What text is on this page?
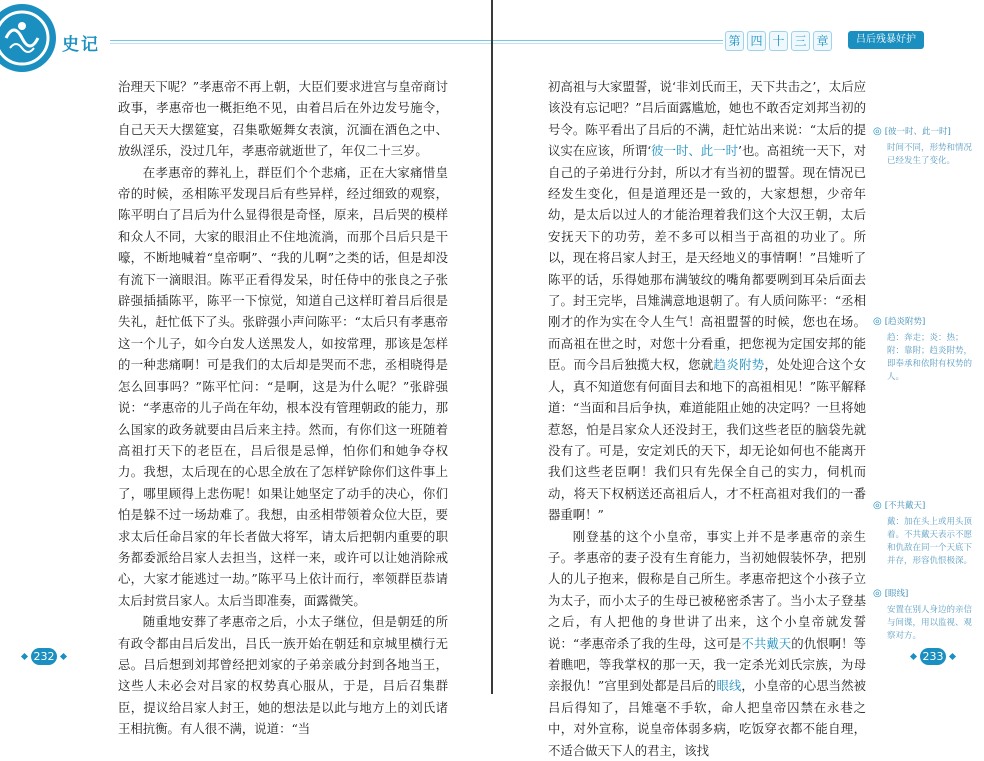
史记

治理天下呢？”孝惠帝不再上朝，大臣们要求进宫与皇帝商讨政事，孝惠帝也一概拒绝不见，由着吕后在外边发号施令，自己天天大摆筵宴，召集歌姬舞女表演，沉湎在酒色之中、放纵淫乐，没过几年，孝惠帝就逝世了，年仅二十三岁。

在孝惠帝的葬礼上，群臣们个个悲痛，正在大家痛惜皇帝的时候，丞相陈平发现吕后有些异样，经过细致的观察，陈平明白了吕后为什么显得很是奇怪，原来，吕后哭的模样和众人不同，大家的眼泪止不住地流淌，而那个吕后只是干嚎，不断地喊着“皇帝啊”、“我的儿啊”之类的话，但是却没有流下一滴眼泪。陈平正看得发呆，时任侍中的张良之子张辟强插插陈平，陈平一下惊觉，知道自己这样盯着吕后很是失礼，赶忙低下了头。张辟强小声问陈平：“太后只有孝惠帝这一个儿子，如今白发人送黑发人，如按常理，那该是怎样的一种悲痛啊！可是我们的太后却是哭而不悲，丞相晓得是怎么回事吗？”陈平忙问：“是啊，这是为什么呢？”张辟强说：“孝惠帝的儿子尚在年幼，根本没有管理朝政的能力，那么国家的政务就要由吕后来主持。然而，有你们这一班随着高祖打天下的老臣在，吕后很是忌惮，怕你们和她争夺权力。我想，太后现在的心思全放在了怎样铲除你们这件事上了，哪里顾得上悲伤呢！如果让她坚定了动手的决心，你们怕是躲不过一场劫难了。我想，由丞相带领着众位大臣，要求太后任命吕家的年长者做大将军，请太后把朝内重要的职务都委派给吕家人去担当，这样一来，或许可以让她消除戒心，大家才能逃过一劫。”陈平马上依计而行，率领群臣恭请太后封赏吕家人。太后当即准奏，面露微笑。

随重地安葬了孝惠帝之后，小太子继位，但是朝廷的所有政令都由吕后发出，吕氏一族开始在朝廷和京城里横行无忌。吕后想到刘邦曾经把刘家的子弟亲戚分封到各地当王，这些人未必会对吕家的权势真心服从，于是，吕后召集群臣，提议给吕家人封王，她的想法是以此与地方上的刘氏诸王相抗衡。有人很不满，说道：“当

232
第 四 十 三 章	吕后残暴好护

初高祖与大家盟誓，说‘非刘氏而王，天下共击之’，太后应该没有忘记吧？”吕后面露尴尬，她也不敢否定刘邦当初的号令。陈平看出了吕后的不满，赶忙站出来说：“太后的提议实在应该，所谓‘彼一时、此一时’也。高祖统一天下，对自己的子弟进行分封，所以才有当初的盟誓。现在情况已经发生变化，但是道理还是一致的，大家想想，少帝年幼，是太后以过人的才能治理着我们这个大汉王朝，太后安抚天下的功劳，差不多可以相当于高祖的功业了。所以，现在将吕家人封王，是天经地义的事情啊！”吕雉听了陈平的话，乐得她那布满皱纹的嘴角都要咧到耳朵后面去了。封王完毕，吕雉满意地退朝了。有人质问陈平：“丞相刚才的作为实在令人生气！高祖盟誓的时候，您也在场。而高祖在世之时，对您十分看重，把您视为定国安邦的能臣。而今吕后独揽大权，您就趋炎附势，处处迎合这个女人，真不知道您有何面目去和地下的高祖相见！”陈平解释道：“当面和吕后争执，难道能阻止她的决定吗？一旦将她惹怒，怕是吕家众人还没封王，我们这些老臣的脑袋先就没有了。可是，安定刘氏的天下，却无论如何也不能离开我们这些老臣啊！我们只有先保全自己的实力，伺机而动，将天下权柄送还高祖后人，才不枉高祖对我们的一番器重啊！”

刚登基的这个小皇帝，事实上并不是孝惠帝的亲生子。孝惠帝的妻子没有生育能力，当初她假装怀孕，把别人的儿子抱来，假称是自己所生。孝惠帝把这个小孩子立为太子，而小太子的生母已被秘密杀害了。当小太子登基之后，有人把他的身世讲了出来，这个小皇帝就发誓说：“孝惠帝杀了我的生母，这可是不共戴天的仇恨啊！等着瞧吧，等我掌权的那一天，我一定杀光刘氏宗族，为母亲报仇！”宫里到处都是吕后的眼线，小皇帝的心思当然被吕后得知了，吕雉毫不手软，命人把皇帝囚禁在永巷之中，对外宣称，说皇帝体弱多病，吃饭穿衣都不能自理，不适合做天下人的君主，该找

◎ [彼一时、此一时]
时间不同，形势和情况已经发生了变化。
◎ [趋炎附势]
趋：奔走；炎：热；附：靠附；趋炎附势，即奉承和依附有权势的人。
◎ [不共戴天]
戴：加在头上或用头顶着。不共戴天表示不愿和仇敌在同一个天底下并存，形容仇恨极深。
◎ [眼线]
安置在别人身边的亲信与间谍，用以监视、观察对方。
233
